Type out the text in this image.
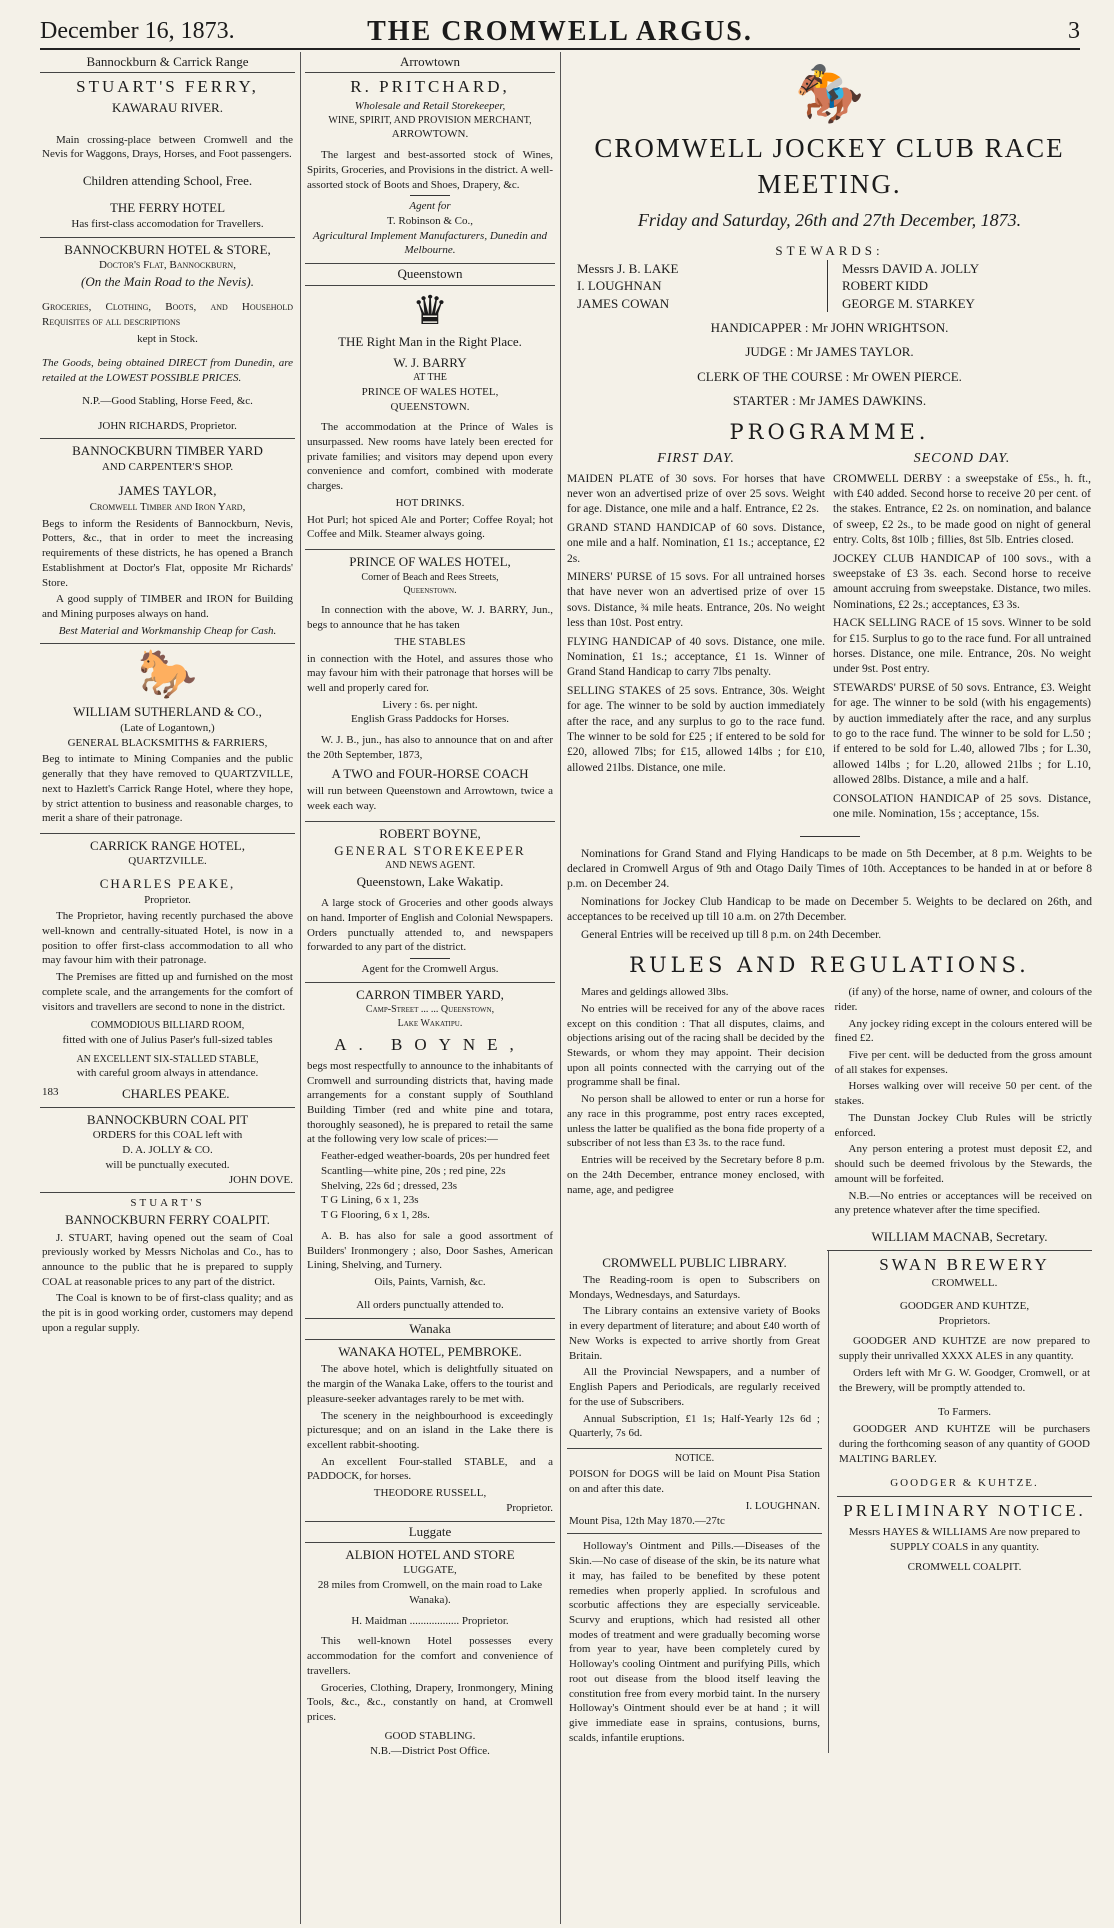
December 16, 1873.	THE CROMWELL ARGUS.	3
Bannockburn & Carrick Range
STUART'S FERRY,
KAWARAU RIVER.

Main crossing-place between Cromwell and the Nevis for Waggons, Drays, Horses, and Foot passengers.

Children attending School, Free.
THE FERRY HOTEL
Has first-class accomodation for Travellers.
BANNOCKBURN HOTEL & STORE,
Doctor's Flat, Bannockburn,
(On the Main Road to the Nevis).

Groceries, Clothing, Boots, and Household Requisites of all descriptions

kept in Stock.

The Goods, being obtained DIRECT from Dunedin, are retailed at the LOWEST POSSIBLE PRICES.

N.P.—Good Stabling, Horse Feed, &c.
JOHN RICHARDS, Proprietor.
BANNOCKBURN TIMBER YARD
AND CARPENTER'S SHOP.
JAMES TAYLOR,
Cromwell Timber and Iron Yard,

Begs to inform the Residents of Bannockburn, Nevis, Potters, &c., that in order to meet the increasing requirements of these districts, he has opened a Branch Establishment at Doctor's Flat, opposite Mr Richards' Store.

A good supply of TIMBER and IRON for Building and Mining purposes always on hand.

Best Material and Workmanship Cheap for Cash.
🐎
WILLIAM SUTHERLAND & CO.,
(Late of Logantown,)
GENERAL BLACKSMITHS & FARRIERS,

Beg to intimate to Mining Companies and the public generally that they have removed to QUARTZVILLE, next to Hazlett's Carrick Range Hotel, where they hope, by strict attention to business and reasonable charges, to merit a share of their patronage.

CARRICK RANGE HOTEL,
QUARTZVILLE.
CHARLES PEAKE,
Proprietor.

The Proprietor, having recently purchased the above well-known and centrally-situated Hotel, is now in a position to offer first-class accommodation to all who may favour him with their patronage.

The Premises are fitted up and furnished on the most complete scale, and the arrangements for the comfort of visitors and travellers are second to none in the district.

COMMODIOUS BILLIARD ROOM,
fitted with one of Julius Paser's full-sized tables
AN EXCELLENT SIX-STALLED STABLE,
with careful groom always in attendance.
183	CHARLES PEAKE.
BANNOCKBURN COAL PIT
ORDERS for this COAL left with
D. A. JOLLY & CO.
will be punctually executed.
JOHN DOVE.
STUART'S
BANNOCKBURN FERRY COALPIT.

J. STUART, having opened out the seam of Coal previously worked by Messrs Nicholas and Co., has to announce to the public that he is prepared to supply COAL at reasonable prices to any part of the district.

The Coal is known to be of first-class quality; and as the pit is in good working order, customers may depend upon a regular supply.

Arrowtown
R. PRITCHARD,
Wholesale and Retail Storekeeper,
WINE, SPIRIT, AND PROVISION MERCHANT,
ARROWTOWN.

The largest and best-assorted stock of Wines, Spirits, Groceries, and Provisions in the district. A well-assorted stock of Boots and Shoes, Drapery, &c.

Agent for
T. Robinson & Co.,
Agricultural Implement Manufacturers, Dunedin and Melbourne.
Queenstown
♛
THE Right Man in the Right Place.
W. J. BARRY
AT THE
PRINCE OF WALES HOTEL,
QUEENSTOWN.

The accommodation at the Prince of Wales is unsurpassed. New rooms have lately been erected for private families; and visitors may depend upon every convenience and comfort, combined with moderate charges.

HOT DRINKS.

Hot Purl; hot spiced Ale and Porter; Coffee Royal; hot Coffee and Milk. Steamer always going.

PRINCE OF WALES HOTEL,
Corner of Beach and Rees Streets,
Queenstown.

In connection with the above, W. J. BARRY, Jun., begs to announce that he has taken

THE STABLES

in connection with the Hotel, and assures those who may favour him with their patronage that horses will be well and properly cared for.

Livery : 6s. per night.
English Grass Paddocks for Horses.

W. J. B., jun., has also to announce that on and after the 20th September, 1873,

A TWO and FOUR-HORSE COACH

will run between Queenstown and Arrowtown, twice a week each way.

ROBERT BOYNE,
GENERAL STOREKEEPER
AND NEWS AGENT.
Queenstown, Lake Wakatip.

A large stock of Groceries and other goods always on hand. Importer of English and Colonial Newspapers. Orders punctually attended to, and newspapers forwarded to any part of the district.

Agent for the Cromwell Argus.
CARRON TIMBER YARD,
Camp-Street ... ... Queenstown,
Lake Wakatipu.
A. BOYNE,

begs most respectfully to announce to the inhabitants of Cromwell and surrounding districts that, having made arrangements for a constant supply of Southland Building Timber (red and white pine and totara, thoroughly seasoned), he is prepared to retail the same at the following very low scale of prices:—

Feather-edged weather-boards, 20s per hundred feet
Scantling—white pine, 20s ; red pine, 22s
Shelving, 22s 6d ; dressed, 23s
T G Lining, 6 x 1, 23s
T G Flooring, 6 x 1, 28s.

A. B. has also for sale a good assortment of Builders' Ironmongery ; also, Door Sashes, American Lining, Shelving, and Turnery.

Oils, Paints, Varnish, &c.
All orders punctually attended to.
Wanaka
WANAKA HOTEL, PEMBROKE.

The above hotel, which is delightfully situated on the margin of the Wanaka Lake, offers to the tourist and pleasure-seeker advantages rarely to be met with.

The scenery in the neighbourhood is exceedingly picturesque; and on an island in the Lake there is excellent rabbit-shooting.

An excellent Four-stalled STABLE, and a PADDOCK, for horses.

THEODORE RUSSELL,
Proprietor.
Luggate
ALBION HOTEL AND STORE
LUGGATE,
28 miles from Cromwell, on the main road to Lake Wanaka).
H. Maidman .................. Proprietor.

This well-known Hotel possesses every accommodation for the comfort and convenience of travellers.

Groceries, Clothing, Drapery, Ironmongery, Mining Tools, &c., &c., constantly on hand, at Cromwell prices.

GOOD STABLING.
N.B.—District Post Office.
🏇
CROMWELL JOCKEY CLUB RACE MEETING.
Friday and Saturday, 26th and 27th December, 1873.
STEWARDS:
Messrs J. B. LAKE
I. LOUGHNAN
JAMES COWAN
Messrs DAVID A. JOLLY
ROBERT KIDD
GEORGE M. STARKEY
HANDICAPPER : Mr JOHN WRIGHTSON.
JUDGE : Mr JAMES TAYLOR.
CLERK OF THE COURSE : Mr OWEN PIERCE.
STARTER : Mr JAMES DAWKINS.
PROGRAMME.
FIRST DAY.
MAIDEN PLATE of 30 sovs. For horses that have never won an advertised prize of over 25 sovs. Weight for age. Distance, one mile and a half. Entrance, £2 2s.
GRAND STAND HANDICAP of 60 sovs. Distance, one mile and a half. Nomination, £1 1s.; acceptance, £2 2s.
MINERS' PURSE of 15 sovs. For all untrained horses that have never won an advertised prize of over 15 sovs. Distance, ¾ mile heats. Entrance, 20s. No weight less than 10st. Post entry.
FLYING HANDICAP of 40 sovs. Distance, one mile. Nomination, £1 1s.; acceptance, £1 1s. Winner of Grand Stand Handicap to carry 7lbs penalty.
SELLING STAKES of 25 sovs. Entrance, 30s. Weight for age. The winner to be sold by auction immediately after the race, and any surplus to go to the race fund. The winner to be sold for £25 ; if entered to be sold for £20, allowed 7lbs; for £15, allowed 14lbs ; for £10, allowed 21lbs. Distance, one mile.
SECOND DAY.
CROMWELL DERBY : a sweepstake of £5s., h. ft., with £40 added. Second horse to receive 20 per cent. of the stakes. Entrance, £2 2s. on nomination, and balance of sweep, £2 2s., to be made good on night of general entry. Colts, 8st 10lb ; fillies, 8st 5lb. Entries closed.
JOCKEY CLUB HANDICAP of 100 sovs., with a sweepstake of £3 3s. each. Second horse to receive amount accruing from sweepstake. Distance, two miles. Nominations, £2 2s.; acceptances, £3 3s.
HACK SELLING RACE of 15 sovs. Winner to be sold for £15. Surplus to go to the race fund. For all untrained horses. Distance, one mile. Entrance, 20s. No weight under 9st. Post entry.
STEWARDS' PURSE of 50 sovs. Entrance, £3. Weight for age. The winner to be sold (with his engagements) by auction immediately after the race, and any surplus to go to the race fund. The winner to be sold for L.50 ; if entered to be sold for L.40, allowed 7lbs ; for L.30, allowed 14lbs ; for L.20, allowed 21lbs ; for L.10, allowed 28lbs. Distance, a mile and a half.
CONSOLATION HANDICAP of 25 sovs. Distance, one mile. Nomination, 15s ; acceptance, 15s.

Nominations for Grand Stand and Flying Handicaps to be made on 5th December, at 8 p.m. Weights to be declared in Cromwell Argus of 9th and Otago Daily Times of 10th. Acceptances to be handed in at or before 8 p.m. on December 24.

Nominations for Jockey Club Handicap to be made on December 5. Weights to be declared on 26th, and acceptances to be received up till 10 a.m. on 27th December.

General Entries will be received up till 8 p.m. on 24th December.

RULES AND REGULATIONS.

Mares and geldings allowed 3lbs.

No entries will be received for any of the above races except on this condition : That all disputes, claims, and objections arising out of the racing shall be decided by the Stewards, or whom they may appoint. Their decision upon all points connected with the carrying out of the programme shall be final.

No person shall be allowed to enter or run a horse for any race in this programme, post entry races excepted, unless the latter be qualified as the bona fide property of a subscriber of not less than £3 3s. to the race fund.

Entries will be received by the Secretary before 8 p.m. on the 24th December, entrance money enclosed, with name, age, and pedigree

(if any) of the horse, name of owner, and colours of the rider.

Any jockey riding except in the colours entered will be fined £2.

Five per cent. will be deducted from the gross amount of all stakes for expenses.

Horses walking over will receive 50 per cent. of the stakes.

The Dunstan Jockey Club Rules will be strictly enforced.

Any person entering a protest must deposit £2, and should such be deemed frivolous by the Stewards, the amount will be forfeited.

N.B.—No entries or acceptances will be received on any pretence whatever after the time specified.

WILLIAM MACNAB, Secretary.
CROMWELL PUBLIC LIBRARY.

The Reading-room is open to Subscribers on Mondays, Wednesdays, and Saturdays.

The Library contains an extensive variety of Books in every department of literature; and about £40 worth of New Works is expected to arrive shortly from Great Britain.

All the Provincial Newspapers, and a number of English Papers and Periodicals, are regularly received for the use of Subscribers.

Annual Subscription, £1 1s; Half-Yearly 12s 6d ; Quarterly, 7s 6d.

NOTICE.

POISON for DOGS will be laid on Mount Pisa Station on and after this date.

I. LOUGHNAN.
Mount Pisa, 12th May 1870.—27tc

Holloway's Ointment and Pills.—Diseases of the Skin.—No case of disease of the skin, be its nature what it may, has failed to be benefited by these potent remedies when properly applied. In scrofulous and scorbutic affections they are especially serviceable. Scurvy and eruptions, which had resisted all other modes of treatment and were gradually becoming worse from year to year, have been completely cured by Holloway's cooling Ointment and purifying Pills, which root out disease from the blood itself leaving the constitution free from every morbid taint. In the nursery Holloway's Ointment should ever be at hand ; it will give immediate ease in sprains, contusions, burns, scalds, infantile eruptions.

SWAN BREWERY
CROMWELL.
GOODGER AND KUHTZE,
Proprietors.

GOODGER AND KUHTZE are now prepared to supply their unrivalled XXXX ALES in any quantity.

Orders left with Mr G. W. Goodger, Cromwell, or at the Brewery, will be promptly attended to.

To Farmers.

GOODGER AND KUHTZE will be purchasers during the forthcoming season of any quantity of GOOD MALTING BARLEY.

GOODGER & KUHTZE.
PRELIMINARY NOTICE.

Messrs HAYES & WILLIAMS Are now prepared to SUPPLY COALS in any quantity.

CROMWELL COALPIT.
